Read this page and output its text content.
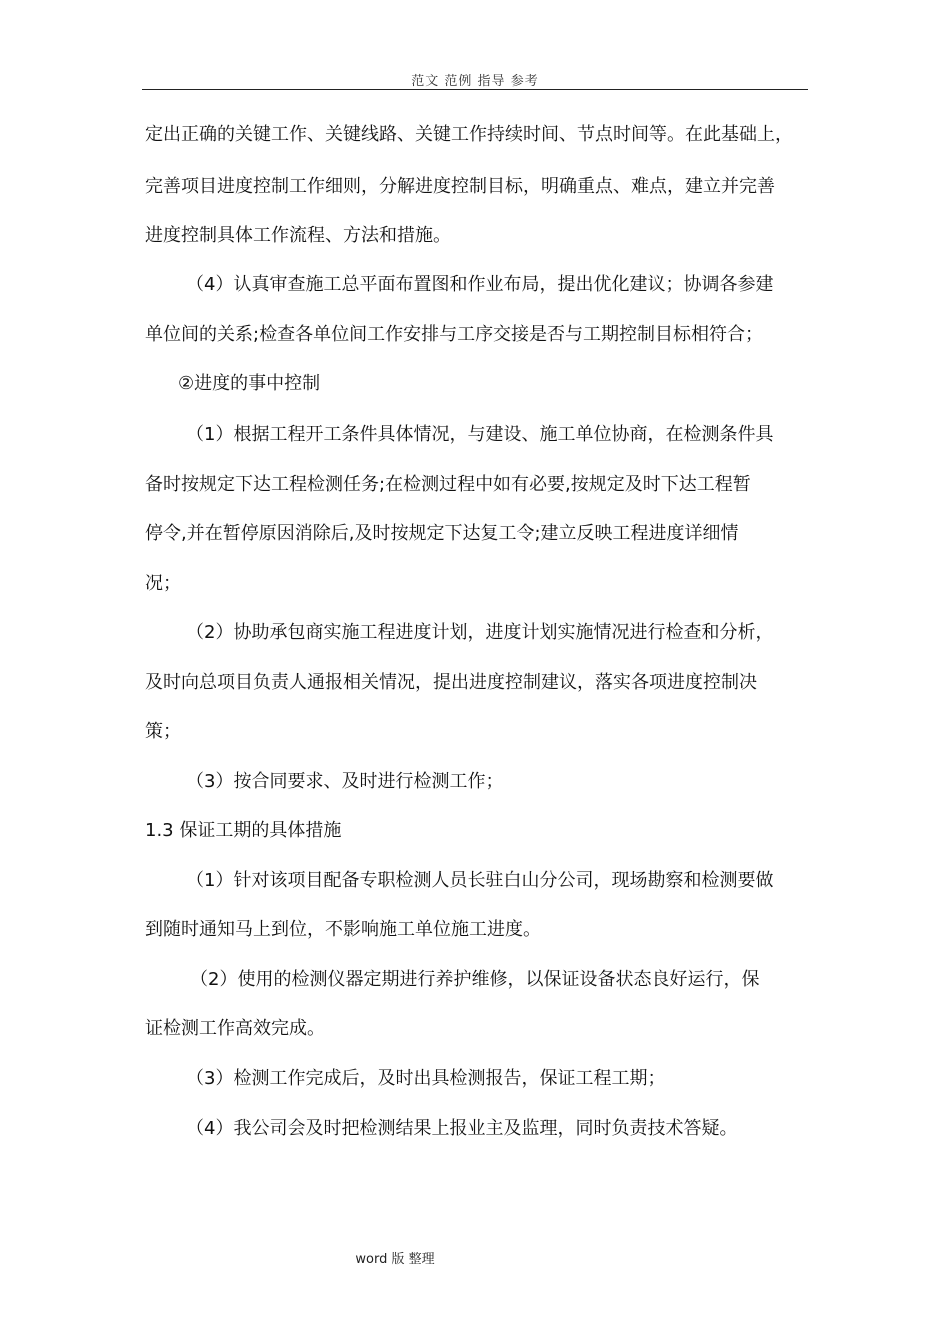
范文 范例 指导 参考
定出正确的关键工作、关键线路、关键工作持续时间、节点时间等。在此基础上，
完善项目进度控制工作细则，分解进度控制目标，明确重点、难点，建立并完善
进度控制具体工作流程、方法和措施。
（4）认真审查施工总平面布置图和作业布局，提出优化建议；协调各参建
单位间的关系;检查各单位间工作安排与工序交接是否与工期控制目标相符合；
②进度的事中控制
（1）根据工程开工条件具体情况，与建设、施工单位协商，在检测条件具
备时按规定下达工程检测任务;在检测过程中如有必要,按规定及时下达工程暂
停令,并在暂停原因消除后,及时按规定下达复工令;建立反映工程进度详细情
况；
（2）协助承包商实施工程进度计划，进度计划实施情况进行检查和分析，
及时向总项目负责人通报相关情况，提出进度控制建议，落实各项进度控制决
策；
（3）按合同要求、及时进行检测工作；
1.3 保证工期的具体措施
（1）针对该项目配备专职检测人员长驻白山分公司，现场勘察和检测要做
到随时通知马上到位，不影响施工单位施工进度。
（2）使用的检测仪器定期进行养护维修，以保证设备状态良好运行，保
证检测工作高效完成。
（3）检测工作完成后，及时出具检测报告，保证工程工期；
（4）我公司会及时把检测结果上报业主及监理，同时负责技术答疑。
word 版 整理
